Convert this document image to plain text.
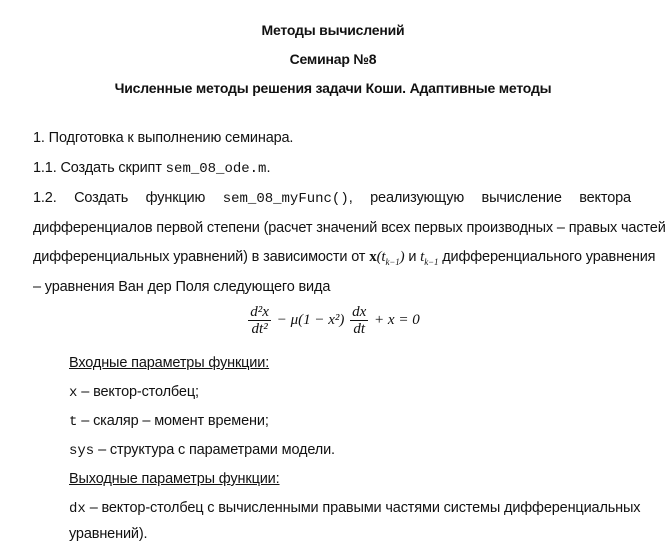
Методы вычислений
Семинар №8
Численные методы решения задачи Коши. Адаптивные методы
1. Подготовка к выполнению семинара.
1.1. Создать скрипт sem_08_ode.m.
1.2. Создать функцию sem_08_myFunc(), реализующую вычисление вектора
дифференциалов первой степени (расчет значений всех первых производных – правых частей
дифференциальных уравнений) в зависимости от $x(t_{k-1})$ и $t_{k-1}$ дифференциального уравнения
– уравнения Ван дер Поля следующего вида
$\frac{\text{d²x}}{\text{dt²}} - \mu(1 - x^2) \frac{dx}{dt} + x = 0$
Входные параметры функции:
x – вектор-столбец;
t – скаляр – момент времени;
sys – структура с параметрами модели.
Выходные параметры функции:
dx – вектор-столбец с вычисленными правыми частями системы дифференциальных
уравнений).
